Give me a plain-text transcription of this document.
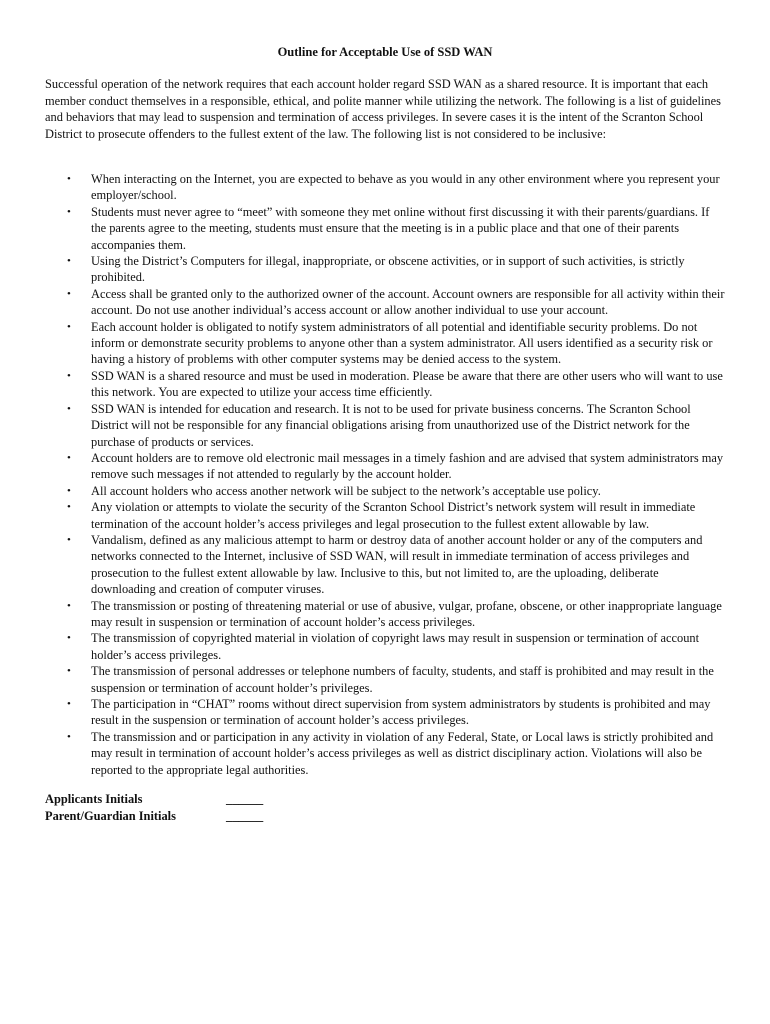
Outline for Acceptable Use of SSD WAN

Successful operation of the network requires that each account holder regard SSD WAN as a shared resource. It is important that each member conduct themselves in a responsible, ethical, and polite manner while utilizing the network. The following is a list of guidelines and behaviors that may lead to suspension and termination of access privileges. In severe cases it is the intent of the Scranton School District to prosecute offenders to the fullest extent of the law. The following list is not considered to be inclusive:

• When interacting on the Internet, you are expected to behave as you would in any other environment where you represent your employer/school.
• Students must never agree to “meet” with someone they met online without first discussing it with their parents/guardians. If the parents agree to the meeting, students must ensure that the meeting is in a public place and that one of their parents accompanies them.
• Using the District’s Computers for illegal, inappropriate, or obscene activities, or in support of such activities, is strictly prohibited.
• Access shall be granted only to the authorized owner of the account. Account owners are responsible for all activity within their account. Do not use another individual’s access account or allow another individual to use your account.
• Each account holder is obligated to notify system administrators of all potential and identifiable security problems. Do not inform or demonstrate security problems to anyone other than a system administrator. All users identified as a security risk or having a history of problems with other computer systems may be denied access to the system.
• SSD WAN is a shared resource and must be used in moderation. Please be aware that there are other users who will want to use this network. You are expected to utilize your access time efficiently.
• SSD WAN is intended for education and research. It is not to be used for private business concerns. The Scranton School District will not be responsible for any financial obligations arising from unauthorized use of the District network for the purchase of products or services.
• Account holders are to remove old electronic mail messages in a timely fashion and are advised that system administrators may remove such messages if not attended to regularly by the account holder.
• All account holders who access another network will be subject to the network’s acceptable use policy.
• Any violation or attempts to violate the security of the Scranton School District’s network system will result in immediate termination of the account holder’s access privileges and legal prosecution to the fullest extent allowable by law.
• Vandalism, defined as any malicious attempt to harm or destroy data of another account holder or any of the computers and networks connected to the Internet, inclusive of SSD WAN, will result in immediate termination of access privileges and prosecution to the fullest extent allowable by law. Inclusive to this, but not limited to, are the uploading, deliberate downloading and creation of computer viruses.
• The transmission or posting of threatening material or use of abusive, vulgar, profane, obscene, or other inappropriate language may result in suspension or termination of account holder’s access privileges.
• The transmission of copyrighted material in violation of copyright laws may result in suspension or termination of account holder’s access privileges.
• The transmission of personal addresses or telephone numbers of faculty, students, and staff is prohibited and may result in the suspension or termination of account holder’s privileges.
• The participation in “CHAT” rooms without direct supervision from system administrators by students is prohibited and may result in the suspension or termination of account holder’s access privileges.
• The transmission and or participation in any activity in violation of any Federal, State, or Local laws is strictly prohibited and may result in termination of account holder’s access privileges as well as district disciplinary action. Violations will also be reported to the appropriate legal authorities.
Applicants Initials	______
Parent/Guardian Initials	______
